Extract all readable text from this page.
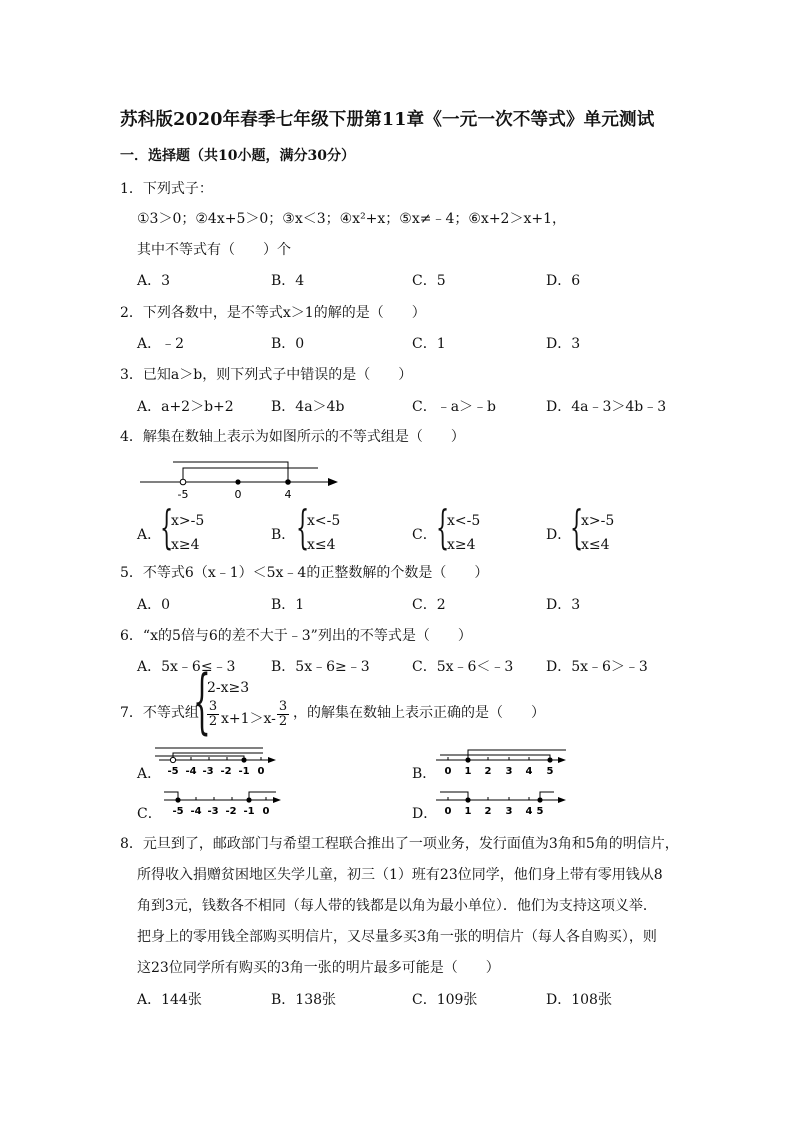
苏科版2020年春季七年级下册第11章《一元一次不等式》单元测试
一．选择题（共10小题，满分30分）
1．下列式子：
①3＞0；②4x+5＞0；③x＜3；④x²+x；⑤x≠﹣4；⑥x+2＞x+1，
其中不等式有（　　）个
A．3	B．4	C．5	D．6
2．下列各数中，是不等式x＞1的解的是（　　）
A．﹣2	B．0	C．1	D．3
3．已知a＞b，则下列式子中错误的是（　　）
A．a+2＞b+2	B．4a＞4b	C．﹣a＞﹣b	D．4a﹣3＞4b﹣3
4．解集在数轴上表示为如图所示的不等式组是（　　）
-5	0	4
A．
{
x>-5
x≥4
B． {
x<-5
x≤4
C． {
x<-5
x≥4
D．
{
x>-5
x≤4
5．不等式6（x﹣1）＜5x﹣4的正整数解的个数是（　　）
A．0	B．1	C．2	D．3
6．“x的5倍与6的差不大于﹣3”列出的不等式是（　　）
A．5x﹣6≤﹣3	B．5x﹣6≥﹣3	C．5x﹣6＜﹣3 D．5x﹣6＞﹣3
7．不等式组
{
2-x≥3
3
2 x+1＞x-
3
2
，的解集在数轴上表示正确的是（　　）
A． -5 -4 -3 -2 -1 0	B． 0 1 2 3 4 5
C． -5 -4 -3 -2 -1 0	D． 0 1 2 3 4 5
8．元旦到了，邮政部门与希望工程联合推出了一项业务，发行面值为3角和5角的明信片，
所得收入捐赠贫困地区失学儿童，初三（1）班有23位同学，他们身上带有零用钱从8
角到3元，钱数各不相同（每人带的钱都是以角为最小单位）．他们为支持这项义举．
把身上的零用钱全部购买明信片，又尽量多买3角一张的明信片（每人各自购买），则
这23位同学所有购买的3角一张的明片最多可能是（　　）
A．144张	B．138张	C．109张	D．108张
